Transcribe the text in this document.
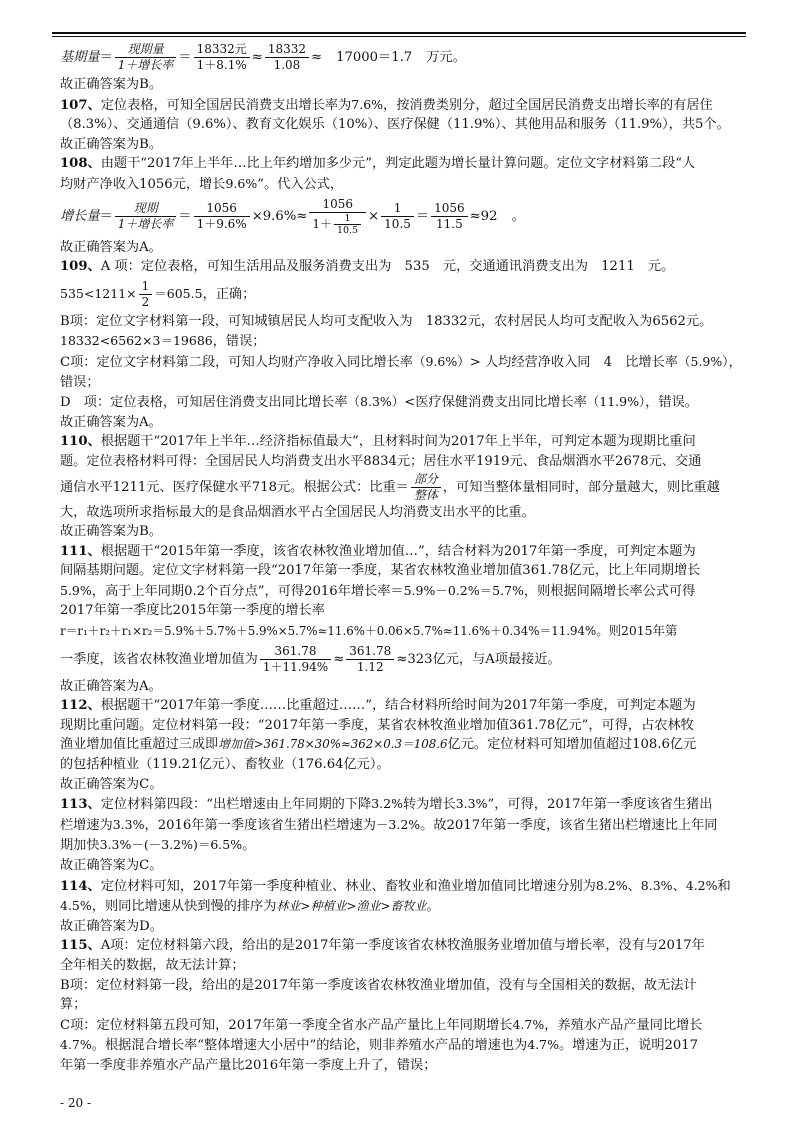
基期量＝ $\frac{\text{现期量}}{\text{1＋增长率}} = \frac{\text{18332元}}{1+8.1\%} \approx \frac{18332}{1.08} \approx 17000=1.7$ 万元。
故正确答案为B。
107、定位表格，可知全国居民消费支出增长率为7.6%，按消费类别分，超过全国居民消费支出增长率的有居住
（8.3%）、交通通信（9.6%）、教育文化娱乐（10%）、医疗保健（11.9%）、其他用品和服务（11.9%），共5个。
故正确答案为B。
108、由题干“2017年上半年…比上年约增加多少元”，判定此题为增长量计算问题。定位文字材料第二段“人
均财产净收入1056元，增长9.6%”。代入公式，
增长量＝ $\frac{\text{现期}}{\text{1＋增长率}} = \frac{1056}{1+9.6\%} \times 9.6\%\approx \frac{1056}{1+ \frac{1}{10.5}} \times \frac{1}{10.5} = \frac{1056}{11.5} \approx 92$ 。
故正确答案为A。
109、A 项：定位表格，可知生活用品及服务消费支出为　535　元，交通通讯消费支出为　1211　元。
$535<1211\times \frac{1}{2} =605.5$，正确；
B项：定位文字材料第一段，可知城镇居民人均可支配收入为　18332元，农村居民人均可支配收入为6562元。
18332<6562×3＝19686，错误；
C项：定位文字材料第二段，可知人均财产净收入同比增长率（9.6%）> 人均经营净收入同　4　比增长率（5.9%），
错误；
D　项：定位表格，可知居住消费支出同比增长率（8.3%）<医疗保健消费支出同比增长率（11.9%），错误。
故正确答案为A。
110、根据题干“2017年上半年…经济指标值最大”，且材料时间为2017年上半年，可判定本题为现期比重问
题。定位表格材料可得：全国居民人均消费支出水平8834元；居住水平1919元、食品烟酒水平2678元、交通
通信水平1211元、医疗保健水平718元。根据公式：比重＝ $\frac{\text{部分}}{\text{整体}}$ ，可知当整体量相同时，部分量越大，则比重越
大，故选项所求指标最大的是食品烟酒水平占全国居民人均消费支出水平的比重。
故正确答案为B。
111、根据题干“2015年第一季度，该省农林牧渔业增加值…”，结合材料为2017年第一季度，可判定本题为
间隔基期问题。定位文字材料第一段“2017年第一季度，某省农林牧渔业增加值361.78亿元，比上年同期增长
5.9%，高于上年同期0.2个百分点”，可得2016年增长率＝5.9%－0.2%＝5.7%，则根据间隔增长率公式可得
2017年第一季度比2015年第一季度的增长率
r＝r₁＋r₂＋r₁×r₂＝5.9%＋5.7%＋5.9%×5.7%≈11.6%＋0.06×5.7%≈11.6%＋0.34%＝11.94%。则2015年第
一季度，该省农林牧渔业增加值为 $\frac{361.78}{1+11.94\%} \approx \frac{361.78}{1.12} \approx 323$亿元，与A项最接近。
故正确答案为A。
112、根据题干“2017年第一季度……比重超过……”，结合材料所给时间为2017年第一季度，可判定本题为
现期比重问题。定位材料第一段：“2017年第一季度，某省农林牧渔业增加值361.78亿元”，可得，占农林牧
渔业增加值比重超过三成即增加值>361.78×30%≈362×0.3＝108.6亿元。定位材料可知增加值超过108.6亿元
的包括种植业（119.21亿元）、畜牧业（176.64亿元）。
故正确答案为C。
113、定位材料第四段：“出栏增速由上年同期的下降3.2%转为增长3.3%”，可得，2017年第一季度该省生猪出
栏增速为3.3%，2016年第一季度该省生猪出栏增速为－3.2%。故2017年第一季度，该省生猪出栏增速比上年同
期加快3.3%－(－3.2%)＝6.5%。
故正确答案为C。
114、定位材料可知，2017年第一季度种植业、林业、畜牧业和渔业增加值同比增速分别为8.2%、8.3%、4.2%和
4.5%，则同比增速从快到慢的排序为林业>种植业>渔业>畜牧业。
故正确答案为D。
115、A项：定位材料第六段，给出的是2017年第一季度该省农林牧渔服务业增加值与增长率，没有与2017年
全年相关的数据，故无法计算；
B项：定位材料第一段，给出的是2017年第一季度该省农林牧渔业增加值，没有与全国相关的数据，故无法计
算；
C项：定位材料第五段可知，2017年第一季度全省水产品产量比上年同期增长4.7%，养殖水产品产量同比增长
4.7%。根据混合增长率“整体增速大小居中”的结论，则非养殖水产品的增速也为4.7%。增速为正，说明2017
年第一季度非养殖水产品产量比2016年第一季度上升了，错误；
- 20 -
